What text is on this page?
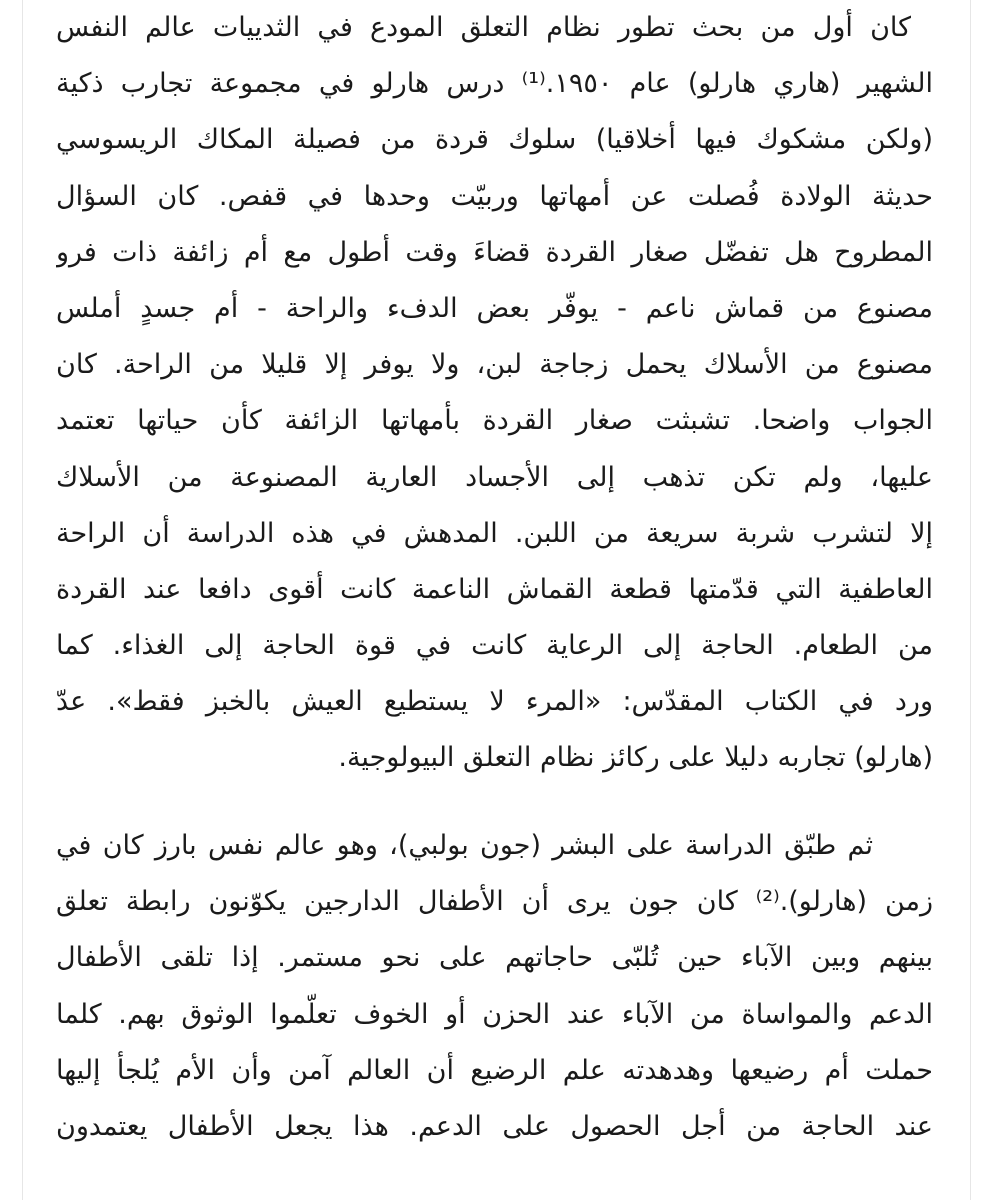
كان أول من بحث تطور نظام التعلق المودع في الثدييات عالم النفس
الشهير (هاري هارلو) عام ١٩٥٠.⁽¹⁾ درس هارلو في مجموعة تجارب ذكية
(ولكن مشكوك فيها أخلاقيا) سلوك قردة من فصيلة المكاك الريسوسي
حديثة الولادة فُصلت عن أمهاتها وربيّت وحدها في قفص. كان السؤال
المطروح هل تفضّل صغار القردة قضاءَ وقت أطول مع أم زائفة ذات فرو
مصنوع من قماش ناعم - يوفّر بعض الدفء والراحة - أم جسدٍ أملس
مصنوع من الأسلاك يحمل زجاجة لبن، ولا يوفر إلا قليلا من الراحة. كان
الجواب واضحا. تشبثت صغار القردة بأمهاتها الزائفة كأن حياتها تعتمد
عليها، ولم تكن تذهب إلى الأجساد العارية المصنوعة من الأسلاك
إلا لتشرب شربة سريعة من اللبن. المدهش في هذه الدراسة أن الراحة
العاطفية التي قدّمتها قطعة القماش الناعمة كانت أقوى دافعا عند القردة
من الطعام. الحاجة إلى الرعاية كانت في قوة الحاجة إلى الغذاء. كما
ورد في الكتاب المقدّس: «المرء لا يستطيع العيش بالخبز فقط». عدّ
(هارلو) تجاربه دليلا على ركائز نظام التعلق البيولوجية.
ثم طبّق الدراسة على البشر (جون بولبي)، وهو عالم نفس بارز كان في
زمن (هارلو).⁽²⁾ كان جون يرى أن الأطفال الدارجين يكوّنون رابطة تعلق
بينهم وبين الآباء حين تُلبّى حاجاتهم على نحو مستمر. إذا تلقى الأطفال
الدعم والمواساة من الآباء عند الحزن أو الخوف تعلّموا الوثوق بهم. كلما
حملت أم رضيعها وهدهدته علم الرضيع أن العالم آمن وأن الأم يُلجأ إليها
عند الحاجة من أجل الحصول على الدعم. هذا يجعل الأطفال يعتمدون
